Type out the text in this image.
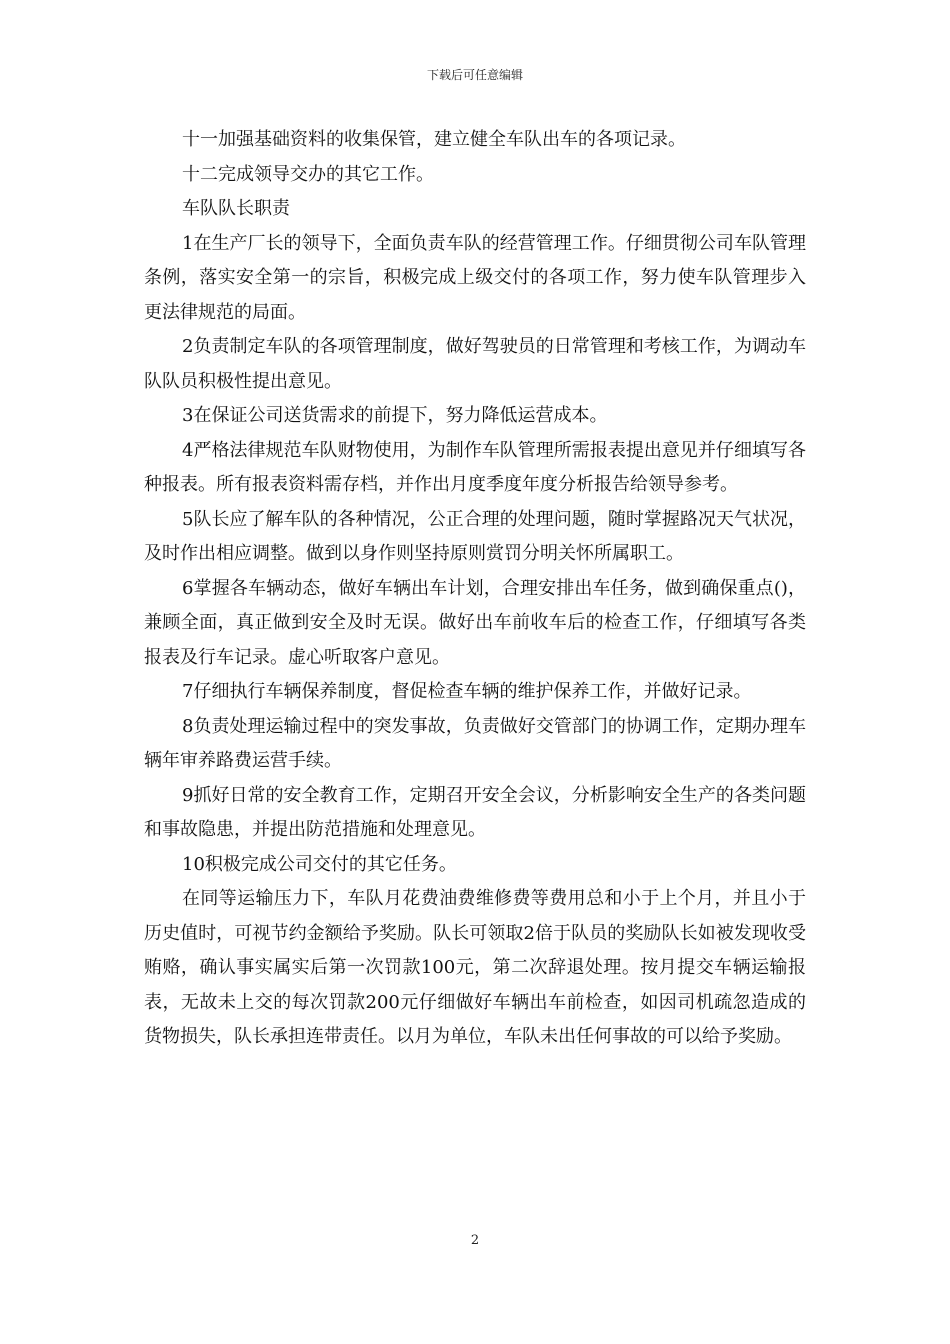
下载后可任意编辑

十一加强基础资料的收集保管，建立健全车队出车的各项记录。

十二完成领导交办的其它工作。

车队队长职责

1在生产厂长的领导下，全面负责车队的经营管理工作。仔细贯彻公司车队管理条例，落实安全第一的宗旨，积极完成上级交付的各项工作，努力使车队管理步入更法律规范的局面。

2负责制定车队的各项管理制度，做好驾驶员的日常管理和考核工作，为调动车队队员积极性提出意见。

3在保证公司送货需求的前提下，努力降低运营成本。

4严格法律规范车队财物使用，为制作车队管理所需报表提出意见并仔细填写各种报表。所有报表资料需存档，并作出月度季度年度分析报告给领导参考。

5队长应了解车队的各种情况，公正合理的处理问题，随时掌握路况天气状况，及时作出相应调整。做到以身作则坚持原则赏罚分明关怀所属职工。

6掌握各车辆动态，做好车辆出车计划，合理安排出车任务，做到确保重点()，兼顾全面，真正做到安全及时无误。做好出车前收车后的检查工作，仔细填写各类报表及行车记录。虚心听取客户意见。

7仔细执行车辆保养制度，督促检查车辆的维护保养工作，并做好记录。

8负责处理运输过程中的突发事故，负责做好交管部门的协调工作，定期办理车辆年审养路费运营手续。

9抓好日常的安全教育工作，定期召开安全会议，分析影响安全生产的各类问题和事故隐患，并提出防范措施和处理意见。

10积极完成公司交付的其它任务。

在同等运输压力下，车队月花费油费维修费等费用总和小于上个月，并且小于历史值时，可视节约金额给予奖励。队长可领取2倍于队员的奖励队长如被发现收受贿赂，确认事实属实后第一次罚款100元，第二次辞退处理。按月提交车辆运输报表，无故未上交的每次罚款200元仔细做好车辆出车前检查，如因司机疏忽造成的货物损失，队长承担连带责任。以月为单位，车队未出任何事故的可以给予奖励。

2
